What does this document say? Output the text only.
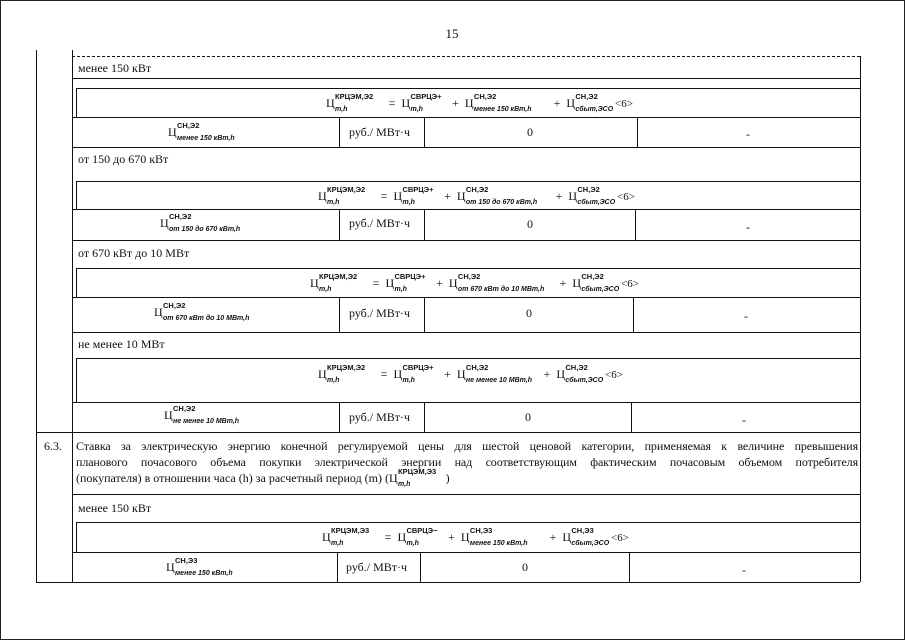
15
менее 150 кВт
Ц КРЦЭМ,Э2
m,h	= Ц СВРЦЭ+
m,h + Ц СН,Э2
менее 150 кВт,h + Ц СН,Э2
сбыт,ЭСО <6>
Ц СН,Э2
менее 150 кВт,h	руб./ МВт·ч	0	-
от 150 до 670 кВт
Ц КРЦЭМ,Э2
m,h	= Ц СВРЦЭ+
m,h + Ц СН,Э2
от 150 до 670 кВт,h + Ц СН,Э2
сбыт,ЭСО <6>
Ц СН,Э2
от 150 до 670 кВт,h	руб./ МВт·ч	0	-
от 670 кВт до 10 МВт
Ц КРЦЭМ,Э2
m,h	= Ц СВРЦЭ+
m,h + Ц СН,Э2
от 670 кВт до 10 МВт,h + Ц СН,Э2
сбыт,ЭСО <6>
Ц СН,Э2
от 670 кВт до 10 МВт,h	руб./ МВт·ч	0	-
не менее 10 МВт
Ц КРЦЭМ,Э2
m,h	= Ц СВРЦЭ+
m,h + Ц СН,Э2
не менее 10 МВт,h + Ц СН,Э2
сбыт,ЭСО <6>
Ц СН,Э2
не менее 10 МВт,h	руб./ МВт·ч	0	-
6.3. Ставка за электрическую энергию конечной регулируемой цены для шестой ценовой категории, применяемая к величине превышения
планового почасового объема покупки электрической энергии над соответствующим фактическим почасовым объемом потребителя
(покупателя) в отношении часа (h) за расчетный период (m) (Ц КРЦЭМ,Э3
m,h	)
менее 150 кВт
Ц КРЦЭМ,Э3
m,h	= Ц СВРЦЭ−
m,h + Ц СН,Э3
менее 150 кВт,h + Ц СН,Э3
сбыт,ЭСО <6>
Ц СН,Э3
менее 150 кВт,h	руб./ МВт·ч	0	-
